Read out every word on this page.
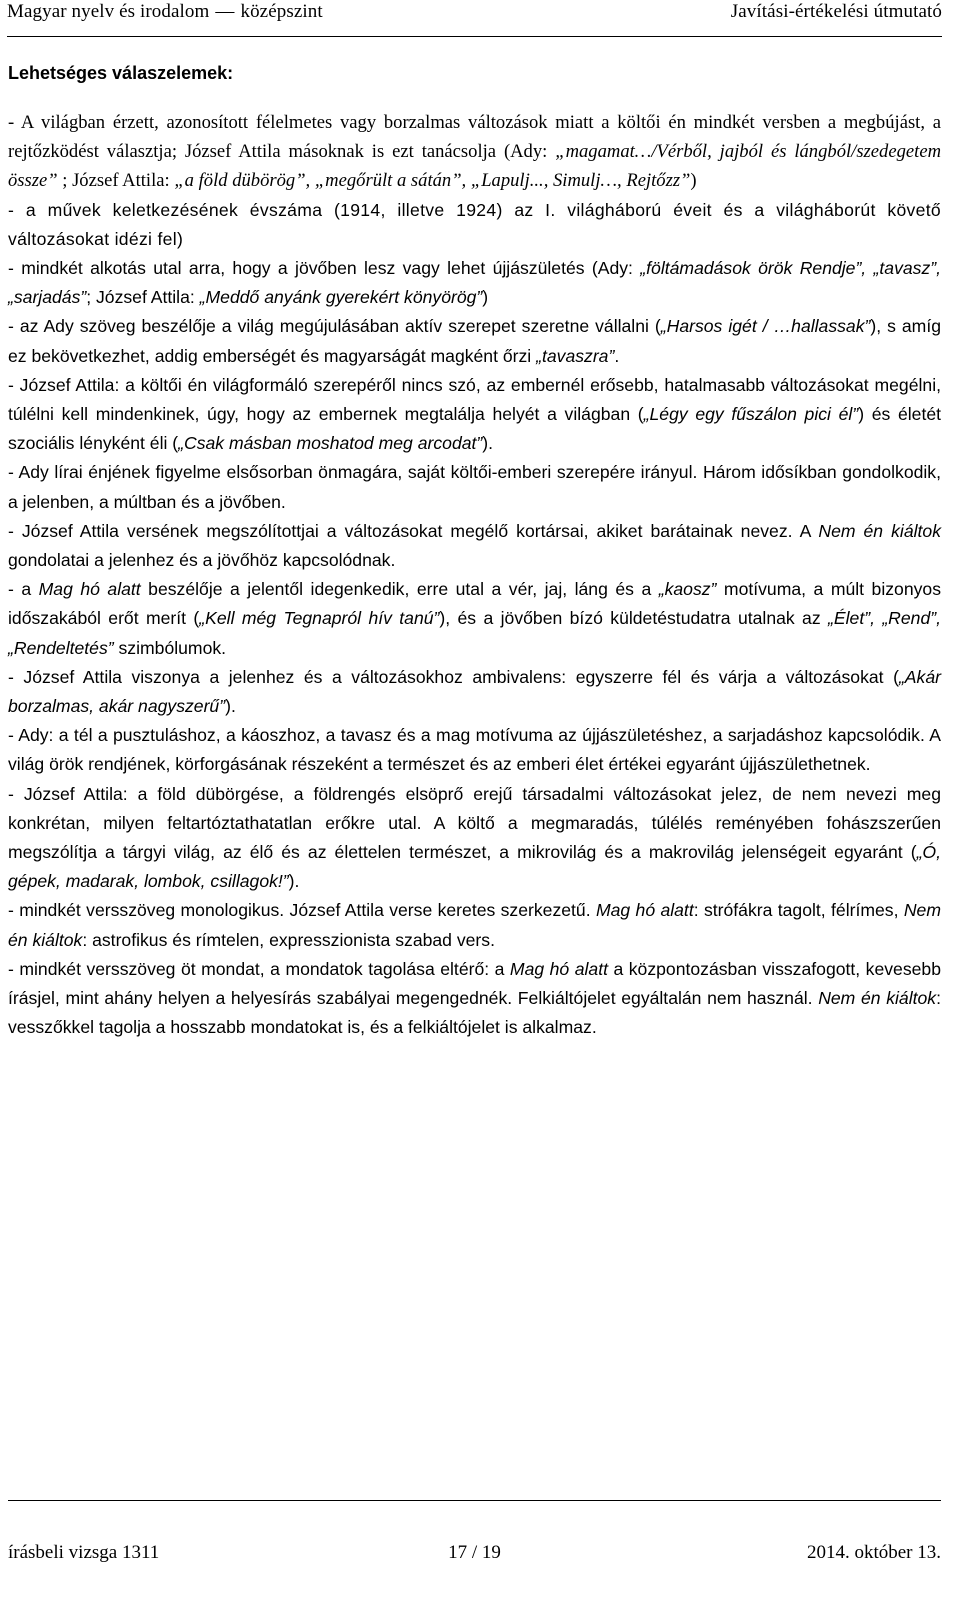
Magyar nyelv és irodalom — középszint	Javítási-értékelési útmutató
Lehetséges válaszelemek:

- A világban érzett, azonosított félelmetes vagy borzalmas változások miatt a költői én mindkét versben a megbújást, a rejtőzködést választja; József Attila másoknak is ezt tanácsolja (Ady: „magamat…/Vérből, jajból és lángból/szedegetem össze” ; József Attila: „a föld dübörög”, „megőrült a sátán”, „Lapulj..., Simulj…, Rejtőzz”)

- a művek keletkezésének évszáma (1914, illetve 1924) az I. világháború éveit és a világháborút követő változásokat idézi fel)

- mindkét alkotás utal arra, hogy a jövőben lesz vagy lehet újjászületés (Ady: „föltámadások örök Rendje”, „tavasz”, „sarjadás”; József Attila: „Meddő anyánk gyerekért könyörög”)

- az Ady szöveg beszélője a világ megújulásában aktív szerepet szeretne vállalni („Harsos igét / …hallassak”), s amíg ez bekövetkezhet, addig emberségét és magyarságát magként őrzi „tavaszra”.

- József Attila: a költői én világformáló szerepéről nincs szó, az embernél erősebb, hatalmasabb változásokat megélni, túlélni kell mindenkinek, úgy, hogy az embernek megtalálja helyét a világban („Légy egy fűszálon pici él”) és életét szociális lényként éli („Csak másban moshatod meg arcodat”).

- Ady lírai énjének figyelme elsősorban önmagára, saját költői-emberi szerepére irányul. Három idősíkban gondolkodik, a jelenben, a múltban és a jövőben.

- József Attila versének megszólítottjai a változásokat megélő kortársai, akiket barátainak nevez. A Nem én kiáltok gondolatai a jelenhez és a jövőhöz kapcsolódnak.

- a Mag hó alatt beszélője a jelentől idegenkedik, erre utal a vér, jaj, láng és a „kaosz” motívuma, a múlt bizonyos időszakából erőt merít („Kell még Tegnapról hív tanú”), és a jövőben bízó küldetéstudatra utalnak az „Élet”, „Rend”, „Rendeltetés” szimbólumok.

- József Attila viszonya a jelenhez és a változásokhoz ambivalens: egyszerre fél és várja a változásokat („Akár borzalmas, akár nagyszerű”).

- Ady: a tél a pusztuláshoz, a káoszhoz, a tavasz és a mag motívuma az újjászületéshez, a sarjadáshoz kapcsolódik. A világ örök rendjének, körforgásának részeként a természet és az emberi élet értékei egyaránt újjászülethetnek.

- József Attila: a föld dübörgése, a földrengés elsöprő erejű társadalmi változásokat jelez, de nem nevezi meg konkrétan, milyen feltartóztathatatlan erőkre utal. A költő a megmaradás, túlélés reményében fohászszerűen megszólítja a tárgyi világ, az élő és az élettelen természet, a mikrovilág és a makrovilág jelenségeit egyaránt („Ó, gépek, madarak, lombok, csillagok!”).

- mindkét versszöveg monologikus. József Attila verse keretes szerkezetű. Mag hó alatt: strófákra tagolt, félrímes, Nem én kiáltok: astrofikus és rímtelen, expresszionista szabad vers.

- mindkét versszöveg öt mondat, a mondatok tagolása eltérő: a Mag hó alatt a központozásban visszafogott, kevesebb írásjel, mint ahány helyen a helyesírás szabályai megengednék. Felkiáltójelet egyáltalán nem használ. Nem én kiáltok: vesszőkkel tagolja a hosszabb mondatokat is, és a felkiáltójelet is alkalmaz.

írásbeli vizsga 1311	2014. október 13.
17 / 19
